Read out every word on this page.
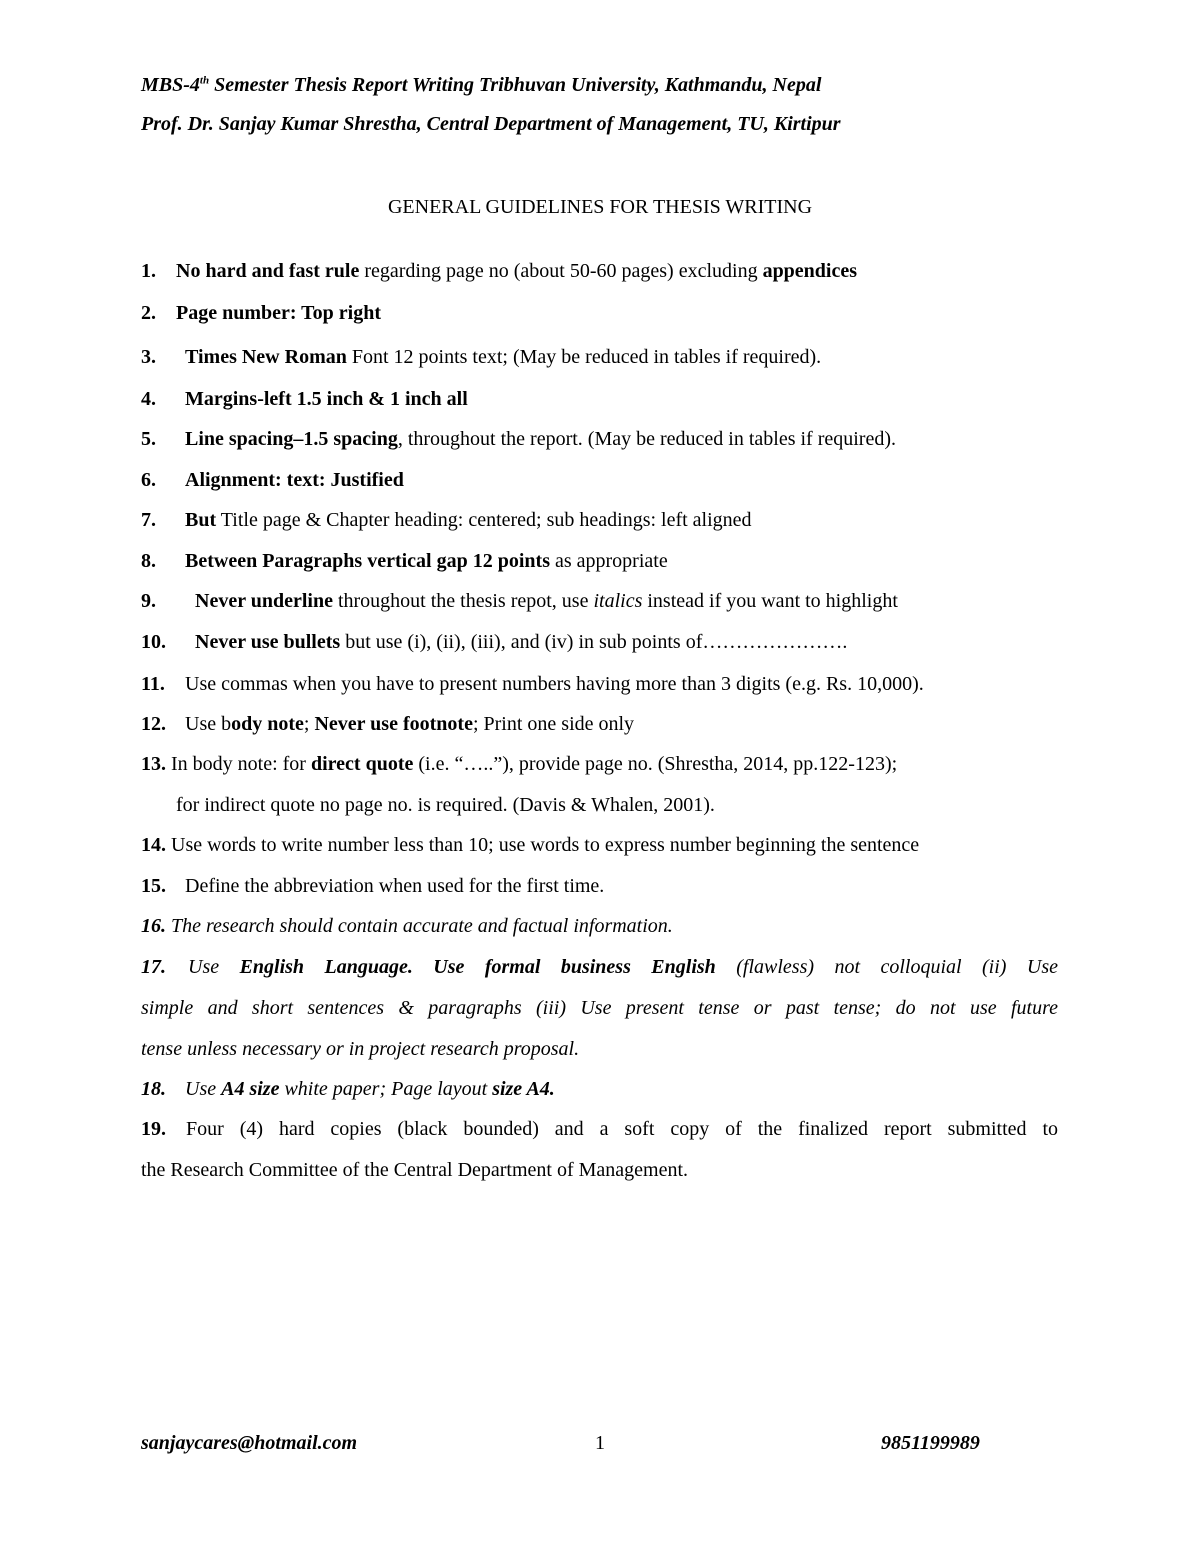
MBS-4th Semester Thesis Report Writing Tribhuvan University, Kathmandu, Nepal
Prof. Dr. Sanjay Kumar Shrestha, Central Department of Management, TU, Kirtipur
GENERAL GUIDELINES FOR THESIS WRITING
1. No hard and fast rule regarding page no (about 50-60 pages) excluding appendices
2. Page number: Top right
3. Times New Roman Font 12 points text; (May be reduced in tables if required).
4. Margins-left 1.5 inch & 1 inch all
5. Line spacing–1.5 spacing, throughout the report. (May be reduced in tables if required).
6. Alignment: text: Justified
7. But Title page & Chapter heading: centered; sub headings: left aligned
8. Between Paragraphs vertical gap 12 points as appropriate
9. Never underline throughout the thesis repot, use italics instead if you want to highlight
10. Never use bullets but use (i), (ii), (iii), and (iv) in sub points of………………….
11. Use commas when you have to present numbers having more than 3 digits (e.g. Rs. 10,000).
12. Use body note; Never use footnote; Print one side only
13. In body note: for direct quote (i.e. “…..”), provide page no. (Shrestha, 2014, pp.122-123);
for indirect quote no page no. is required. (Davis & Whalen, 2001).
14. Use words to write number less than 10; use words to express number beginning the sentence
15. Define the abbreviation when used for the first time.
16. The research should contain accurate and factual information.
17. Use English Language. Use formal business English (flawless) not colloquial (ii) Use
simple and short sentences & paragraphs (iii) Use present tense or past tense; do not use future
tense unless necessary or in project research proposal.
18. Use A4 size white paper; Page layout size A4.
19. Four (4) hard copies (black bounded) and a soft copy of the finalized report submitted to
the Research Committee of the Central Department of Management.
sanjaycares@hotmail.com	1	9851199989
